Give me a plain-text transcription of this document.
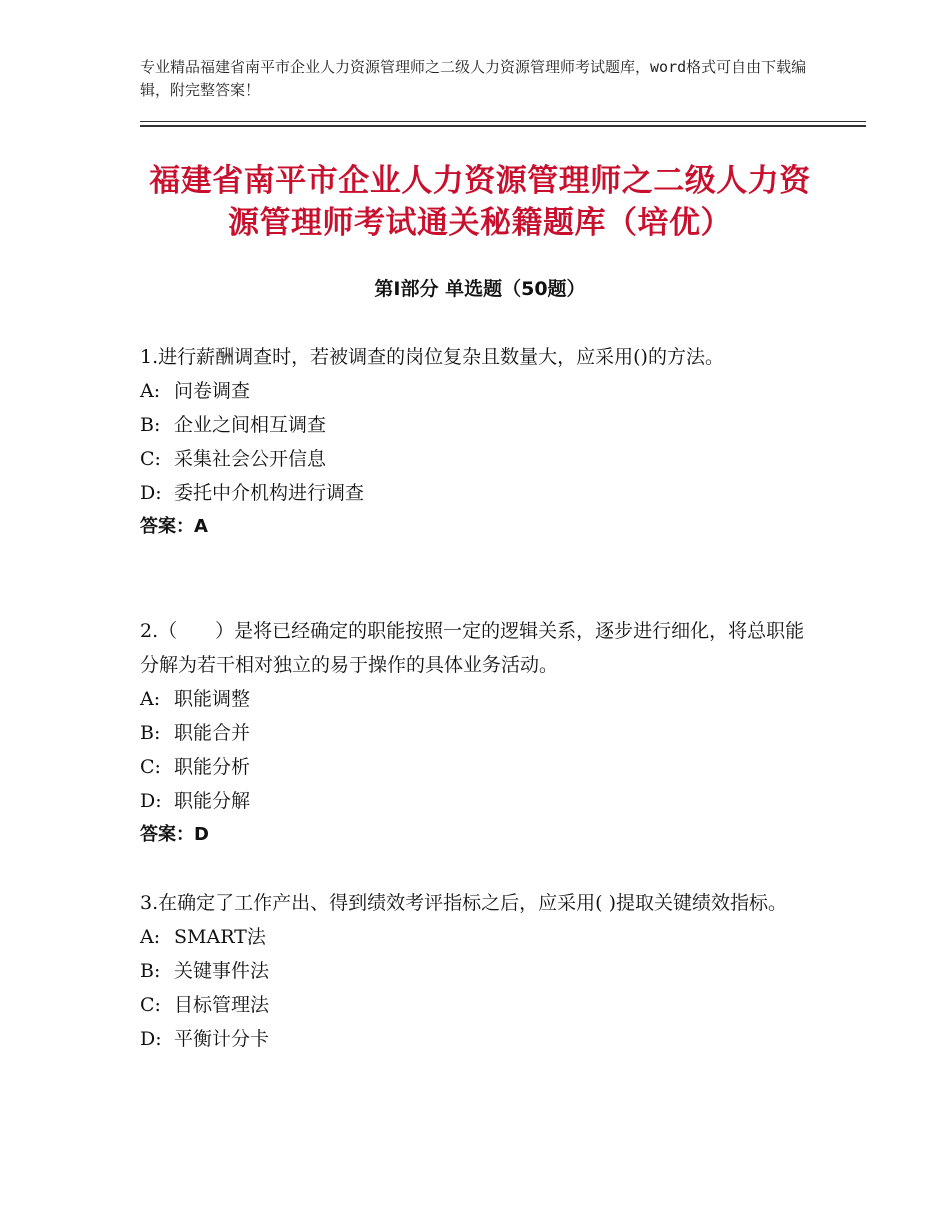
专业精品福建省南平市企业人力资源管理师之二级人力资源管理师考试题库，word格式可自由下载编辑，附完整答案！
福建省南平市企业人力资源管理师之二级人力资源管理师考试通关秘籍题库（培优）
第Ⅰ部分 单选题（50题）

1.进行薪酬调查时，若被调查的岗位复杂且数量大，应采用()的方法。

A: 问卷调查
B: 企业之间相互调查
C: 采集社会公开信息
D: 委托中介机构进行调查

答案：A

2.（　　）是将已经确定的职能按照一定的逻辑关系，逐步进行细化，将总职能分解为若干相对独立的易于操作的具体业务活动。

A: 职能调整
B: 职能合并
C: 职能分析
D: 职能分解

答案：D

3.在确定了工作产出、得到绩效考评指标之后，应采用( )提取关键绩效指标。

A: SMART法
B: 关键事件法
C: 目标管理法
D: 平衡计分卡
